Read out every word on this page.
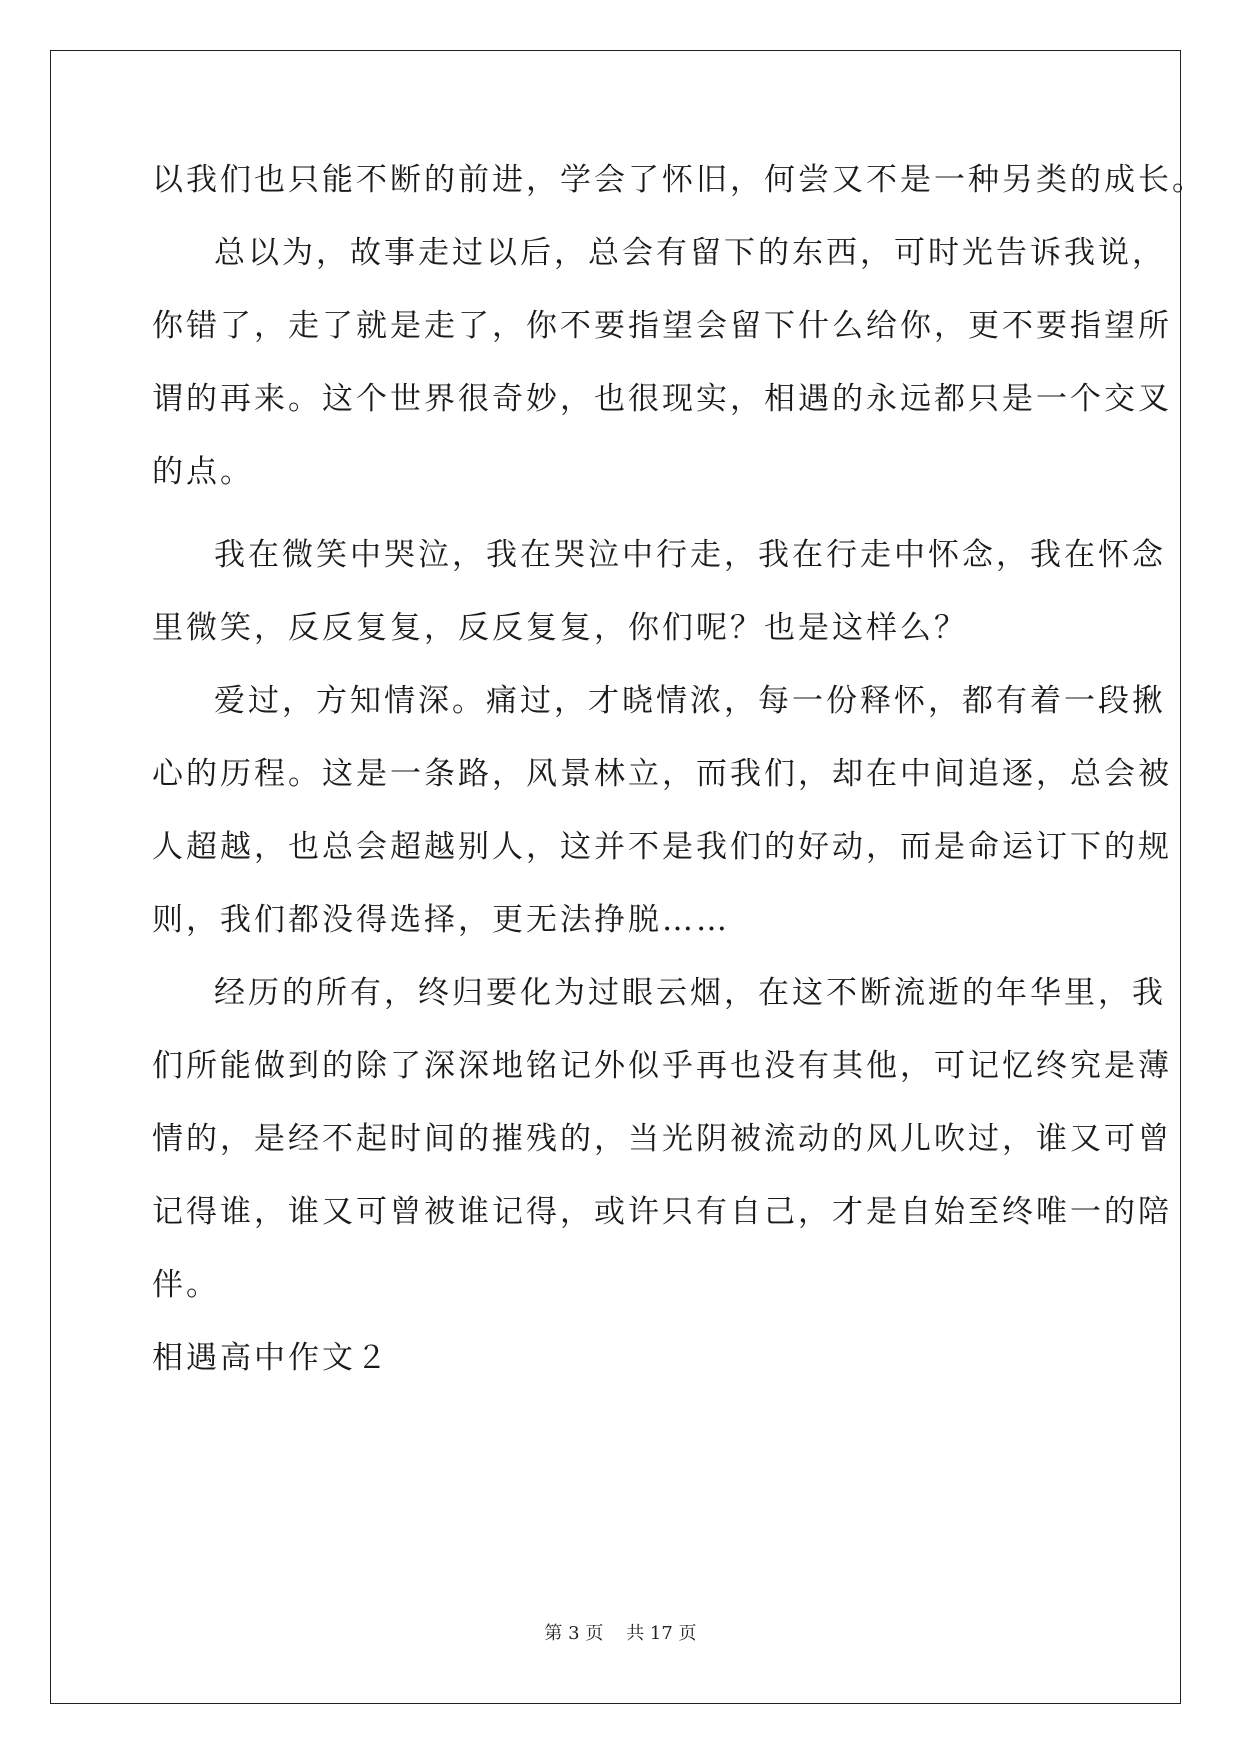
以我们也只能不断的前进，学会了怀旧，何尝又不是一种另类的成长。
总以为，故事走过以后，总会有留下的东西，可时光告诉我说，
你错了，走了就是走了，你不要指望会留下什么给你，更不要指望所
谓的再来。这个世界很奇妙，也很现实，相遇的永远都只是一个交叉
的点。
我在微笑中哭泣，我在哭泣中行走，我在行走中怀念，我在怀念
里微笑，反反复复，反反复复，你们呢？也是这样么？
爱过，方知情深。痛过，才晓情浓，每一份释怀，都有着一段揪
心的历程。这是一条路，风景林立，而我们，却在中间追逐，总会被
人超越，也总会超越别人，这并不是我们的好动，而是命运订下的规
则，我们都没得选择，更无法挣脱……
经历的所有，终归要化为过眼云烟，在这不断流逝的年华里，我
们所能做到的除了深深地铭记外似乎再也没有其他，可记忆终究是薄
情的，是经不起时间的摧残的，当光阴被流动的风儿吹过，谁又可曾
记得谁，谁又可曾被谁记得，或许只有自己，才是自始至终唯一的陪
伴。
相遇高中作文２
第 3 页    共 17 页
